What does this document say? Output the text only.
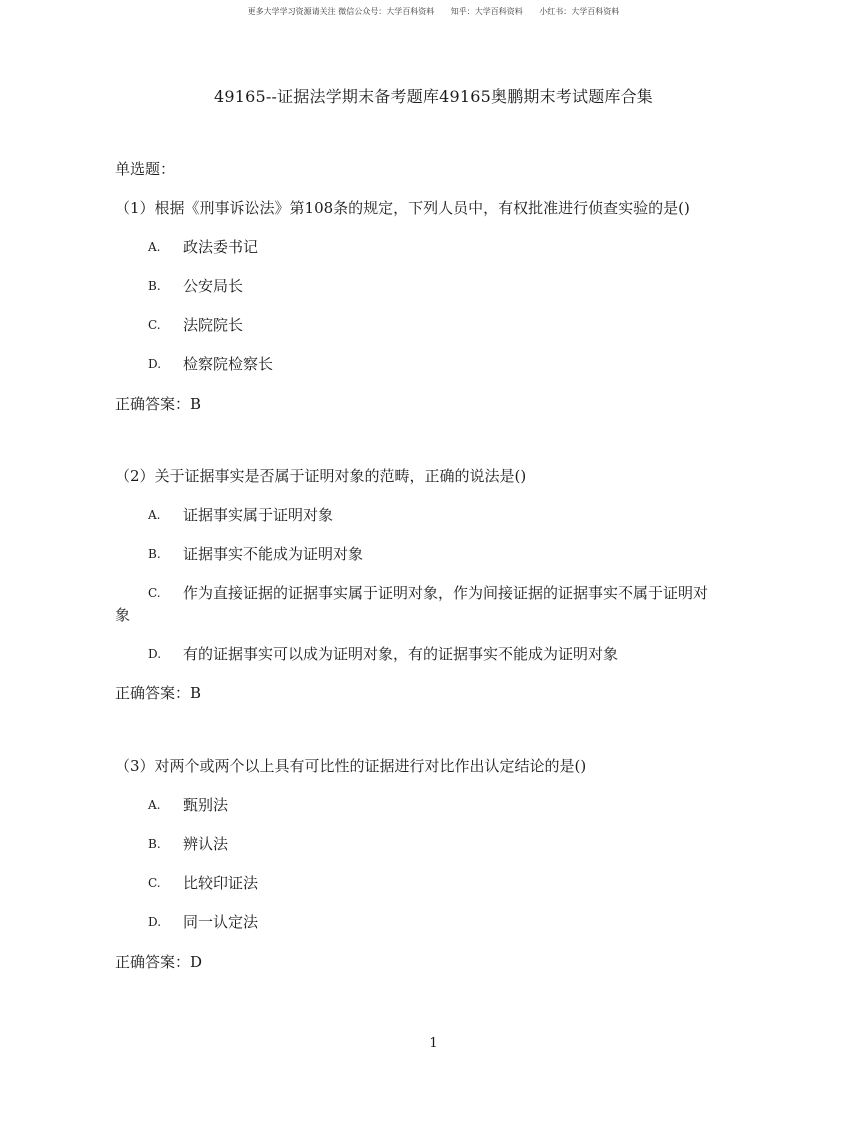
更多大学学习资源请关注 微信公众号：大学百科资料 知乎：大学百科资料 小红书：大学百科资料
49165--证据法学期末备考题库49165奥鹏期末考试题库合集
单选题：
（1）根据《刑事诉讼法》第108条的规定，下列人员中，有权批准进行侦查实验的是()
A. 政法委书记
B. 公安局长
C. 法院院长
D. 检察院检察长
正确答案：B
（2）关于证据事实是否属于证明对象的范畴，正确的说法是()
A. 证据事实属于证明对象
B. 证据事实不能成为证明对象
C. 作为直接证据的证据事实属于证明对象，作为间接证据的证据事实不属于证明对
象
D. 有的证据事实可以成为证明对象，有的证据事实不能成为证明对象
正确答案：B
（3）对两个或两个以上具有可比性的证据进行对比作出认定结论的是()
A. 甄别法
B. 辨认法
C. 比较印证法
D. 同一认定法
正确答案：D
1
